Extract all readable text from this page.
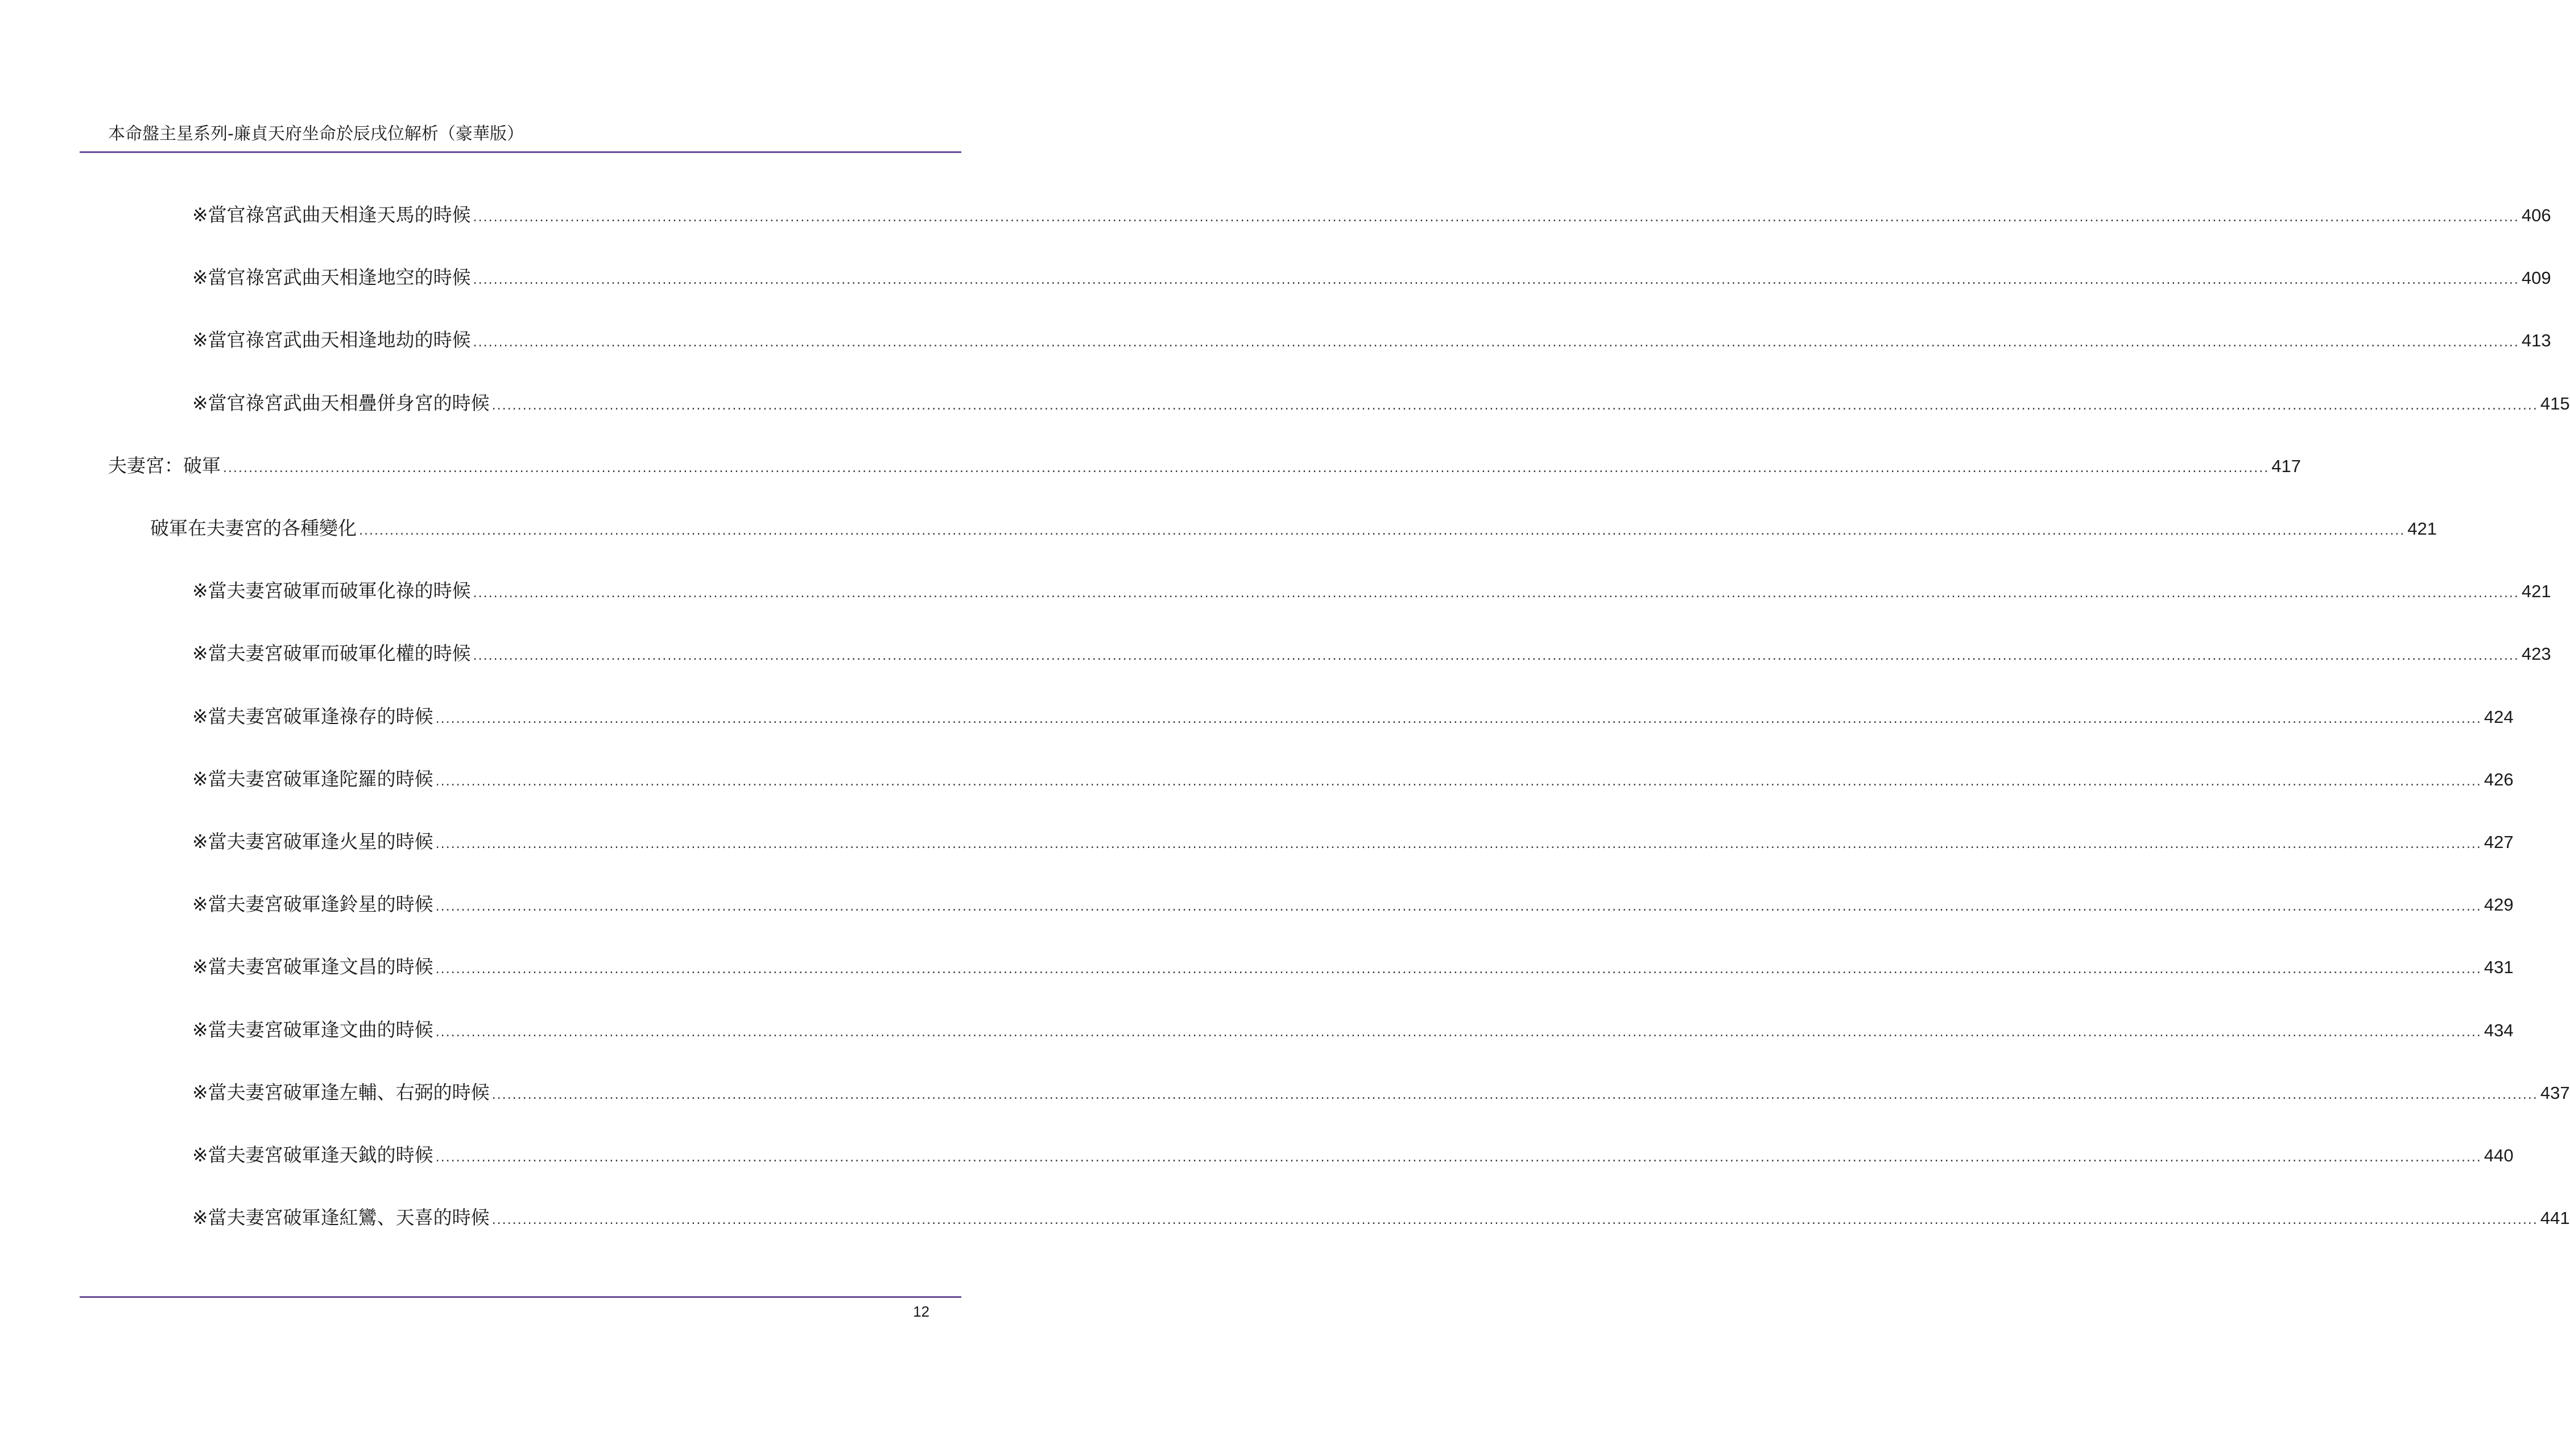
本命盤主星系列-廉貞天府坐命於辰戌位解析（豪華版）
※當官祿宮武曲天相逢天馬的時候 ................................................................................................................................................................................................................................................................................................................................................................................................................ 406
※當官祿宮武曲天相逢地空的時候 ................................................................................................................................................................................................................................................................................................................................................................................................................ 409
※當官祿宮武曲天相逢地劫的時候 ................................................................................................................................................................................................................................................................................................................................................................................................................ 413
※當官祿宮武曲天相疊併身宮的時候 ................................................................................................................................................................................................................................................................................................................................................................................................................ 415
夫妻宮：破軍 ................................................................................................................................................................................................................................................................................................................................................................................................................ 417
破軍在夫妻宮的各種變化 ................................................................................................................................................................................................................................................................................................................................................................................................................ 421
※當夫妻宮破軍而破軍化祿的時候 ................................................................................................................................................................................................................................................................................................................................................................................................................ 421
※當夫妻宮破軍而破軍化權的時候 ................................................................................................................................................................................................................................................................................................................................................................................................................ 423
※當夫妻宮破軍逢祿存的時候 ................................................................................................................................................................................................................................................................................................................................................................................................................ 424
※當夫妻宮破軍逢陀羅的時候 ................................................................................................................................................................................................................................................................................................................................................................................................................ 426
※當夫妻宮破軍逢火星的時候 ................................................................................................................................................................................................................................................................................................................................................................................................................ 427
※當夫妻宮破軍逢鈴星的時候 ................................................................................................................................................................................................................................................................................................................................................................................................................ 429
※當夫妻宮破軍逢文昌的時候 ................................................................................................................................................................................................................................................................................................................................................................................................................ 431
※當夫妻宮破軍逢文曲的時候 ................................................................................................................................................................................................................................................................................................................................................................................................................ 434
※當夫妻宮破軍逢左輔、右弼的時候 ................................................................................................................................................................................................................................................................................................................................................................................................................ 437
※當夫妻宮破軍逢天鉞的時候 ................................................................................................................................................................................................................................................................................................................................................................................................................ 440
※當夫妻宮破軍逢紅鸞、天喜的時候 ................................................................................................................................................................................................................................................................................................................................................................................................................ 441
12
